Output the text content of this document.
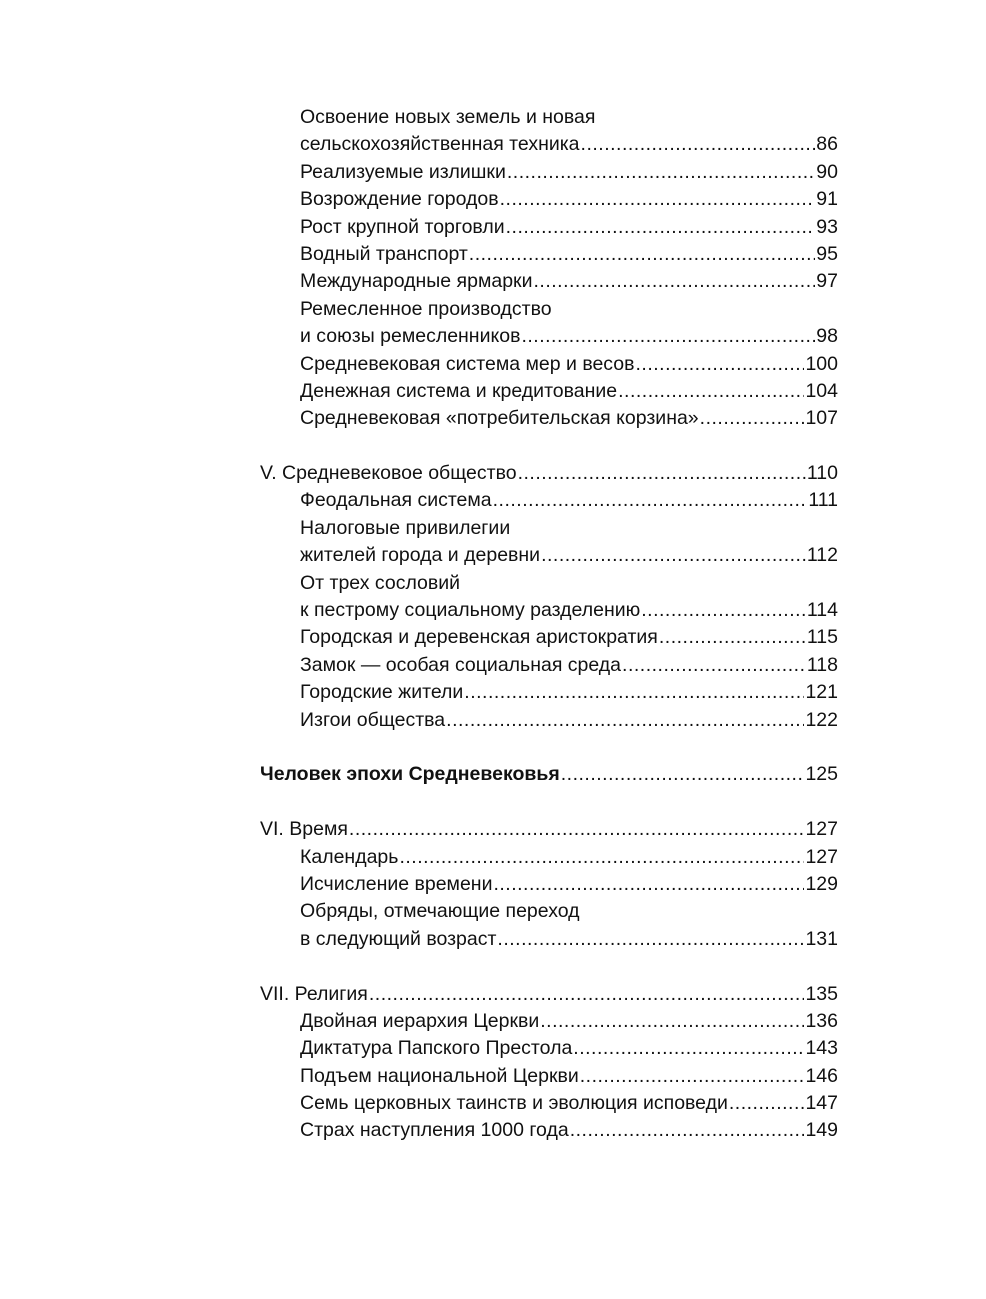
Освоение новых земель и новая
сельскохозяйственная техника .....	86
Реализуемые излишки .....	90
Возрождение городов .....	91
Рост крупной торговли .....	93
Водный транспорт .....	95
Международные ярмарки .....	97
Ремесленное производство
и союзы ремесленников .....	98
Средневековая система мер и весов .....	100
Денежная система и кредитование .....	104
Средневековая «потребительская корзина» .....	107
V. Средневековое общество .....	110
Феодальная система .....	111
Налоговые привилегии
жителей города и деревни .....	112
От трех сословий
к пестрому социальному разделению .....	114
Городская и деревенская аристократия .....	115
Замок — особая социальная среда .....	118
Городские жители .....	121
Изгои общества .....	122
Человек эпохи Средневековья .....	125
VI. Время .....	127
Календарь .....	127
Исчисление времени .....	129
Обряды, отмечающие переход
в следующий возраст .....	131
VII. Религия .....	135
Двойная иерархия Церкви .....	136
Диктатура Папского Престола .....	143
Подъем национальной Церкви .....	146
Семь церковных таинств и эволюция исповеди .....	147
Страх наступления 1000 года .....	149
